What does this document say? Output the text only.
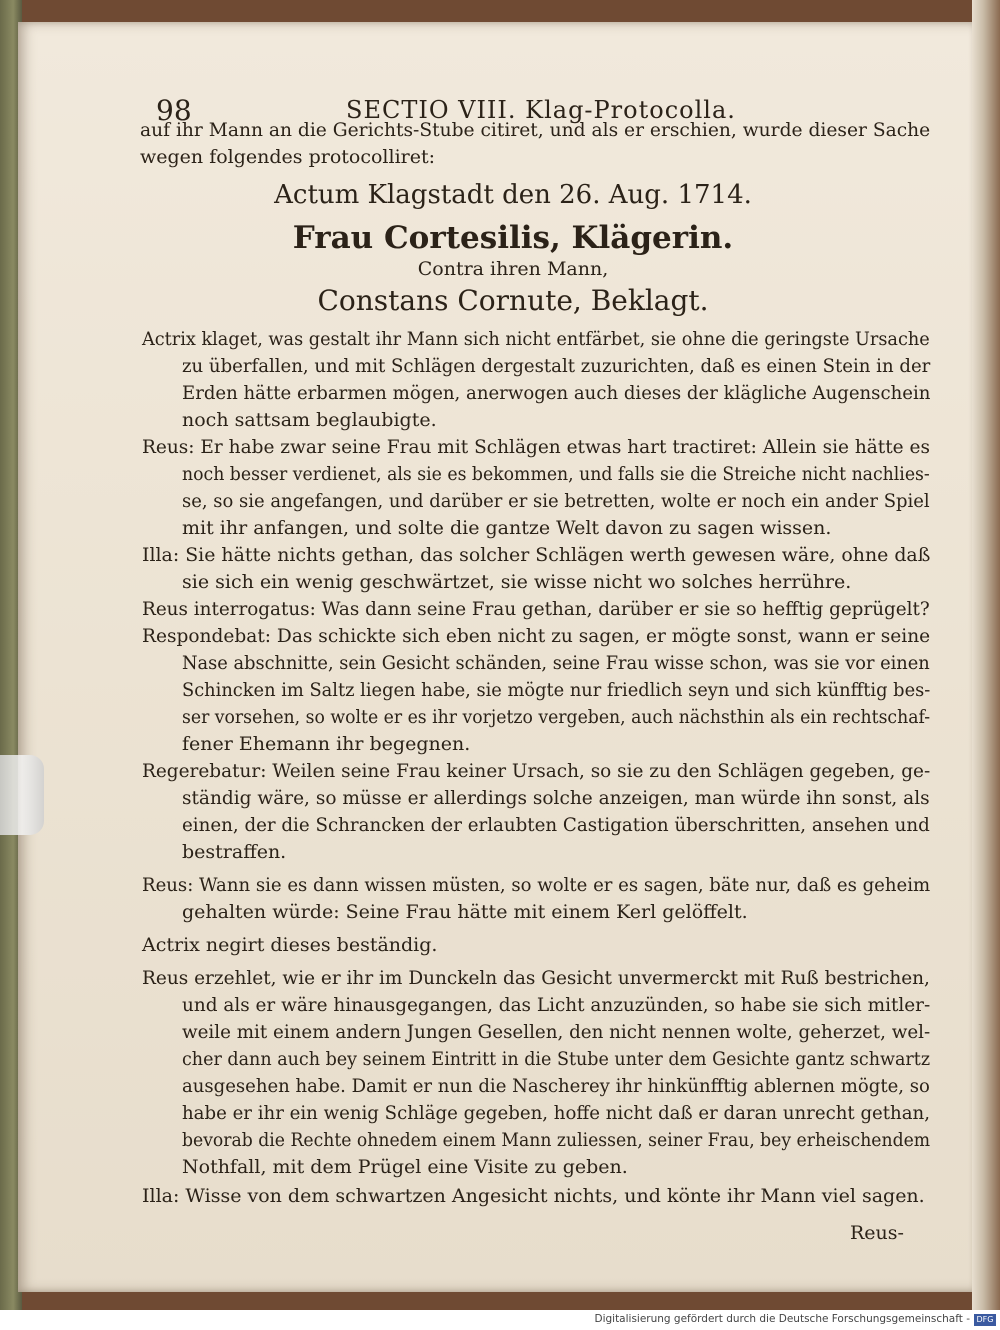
98	SECTIO VIII. Klag-Protocolla.
auf ihr Mann an die Gerichts-Stube citiret, und als er erschien, wurde dieser Sache
wegen folgendes protocolliret:
Actum Klagstadt den 26. Aug. 1714.
Frau Cortesilis, Klägerin.
Contra ihren Mann,
Constans Cornute, Beklagt.
Actrix klaget, was gestalt ihr Mann sich nicht entfärbet, sie ohne die geringste Ursache
zu überfallen, und mit Schlägen dergestalt zuzurichten, daß es einen Stein in der
Erden hätte erbarmen mögen, anerwogen auch dieses der klägliche Augenschein
noch sattsam beglaubigte.
Reus: Er habe zwar seine Frau mit Schlägen etwas hart tractiret: Allein sie hätte es
noch besser verdienet, als sie es bekommen, und falls sie die Streiche nicht nachlies-
se, so sie angefangen, und darüber er sie betretten, wolte er noch ein ander Spiel
mit ihr anfangen, und solte die gantze Welt davon zu sagen wissen.
Illa: Sie hätte nichts gethan, das solcher Schlägen werth gewesen wäre, ohne daß
sie sich ein wenig geschwärtzet, sie wisse nicht wo solches herrühre.
Reus interrogatus: Was dann seine Frau gethan, darüber er sie so hefftig geprügelt?
Respondebat: Das schickte sich eben nicht zu sagen, er mögte sonst, wann er seine
Nase abschnitte, sein Gesicht schänden, seine Frau wisse schon, was sie vor einen
Schincken im Saltz liegen habe, sie mögte nur friedlich seyn und sich künfftig bes-
ser vorsehen, so wolte er es ihr vorjetzo vergeben, auch nächsthin als ein rechtschaf-
fener Ehemann ihr begegnen.
Regerebatur: Weilen seine Frau keiner Ursach, so sie zu den Schlägen gegeben, ge-
ständig wäre, so müsse er allerdings solche anzeigen, man würde ihn sonst, als
einen, der die Schrancken der erlaubten Castigation überschritten, ansehen und
bestraffen.
Reus: Wann sie es dann wissen müsten, so wolte er es sagen, bäte nur, daß es geheim
gehalten würde: Seine Frau hätte mit einem Kerl gelöffelt.
Actrix negirt dieses beständig.
Reus erzehlet, wie er ihr im Dunckeln das Gesicht unvermerckt mit Ruß bestrichen,
und als er wäre hinausgegangen, das Licht anzuzünden, so habe sie sich mitler-
weile mit einem andern Jungen Gesellen, den nicht nennen wolte, geherzet, wel-
cher dann auch bey seinem Eintritt in die Stube unter dem Gesichte gantz schwartz
ausgesehen habe. Damit er nun die Nascherey ihr hinkünfftig ablernen mögte, so
habe er ihr ein wenig Schläge gegeben, hoffe nicht daß er daran unrecht gethan,
bevorab die Rechte ohnedem einem Mann zuliessen, seiner Frau, bey erheischendem
Nothfall, mit dem Prügel eine Visite zu geben.
Illa: Wisse von dem schwartzen Angesicht nichts, und könte ihr Mann viel sagen.
Reus-
Digitalisierung gefördert durch die Deutsche Forschungsgemeinschaft - DFG
